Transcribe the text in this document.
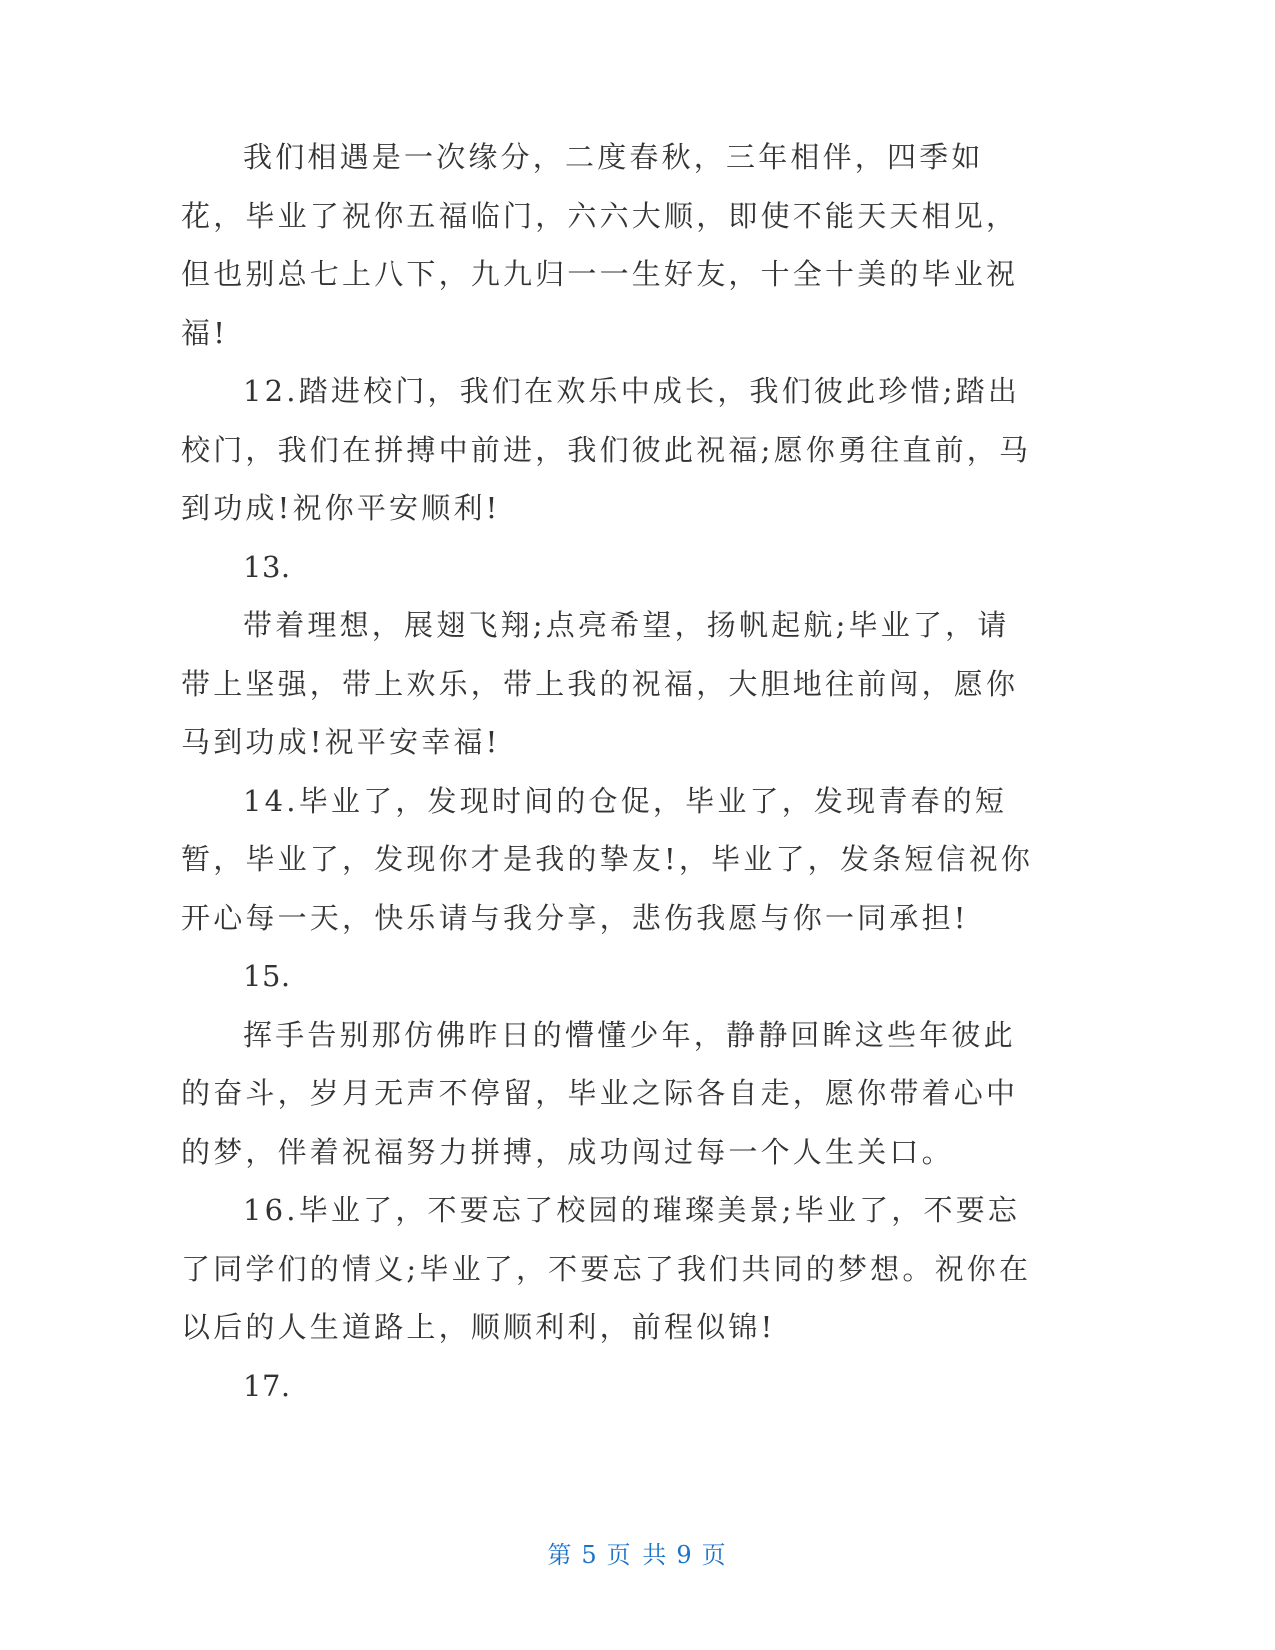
我们相遇是一次缘分，二度春秋，三年相伴，四季如花，毕业了祝你五福临门，六六大顺，即使不能天天相见，但也别总七上八下，九九归一一生好友，十全十美的毕业祝福!

12.踏进校门，我们在欢乐中成长，我们彼此珍惜;踏出校门，我们在拼搏中前进，我们彼此祝福;愿你勇往直前，马到功成!祝你平安顺利!

13.

带着理想，展翅飞翔;点亮希望，扬帆起航;毕业了，请带上坚强，带上欢乐，带上我的祝福，大胆地往前闯，愿你马到功成!祝平安幸福!

14.毕业了，发现时间的仓促，毕业了，发现青春的短暂，毕业了，发现你才是我的挚友!，毕业了，发条短信祝你开心每一天，快乐请与我分享，悲伤我愿与你一同承担!

15.

挥手告别那仿佛昨日的懵懂少年，静静回眸这些年彼此的奋斗，岁月无声不停留，毕业之际各自走，愿你带着心中的梦，伴着祝福努力拼搏，成功闯过每一个人生关口。

16.毕业了，不要忘了校园的璀璨美景;毕业了，不要忘了同学们的情义;毕业了，不要忘了我们共同的梦想。祝你在以后的人生道路上，顺顺利利，前程似锦!

17.

第 5 页 共 9 页
